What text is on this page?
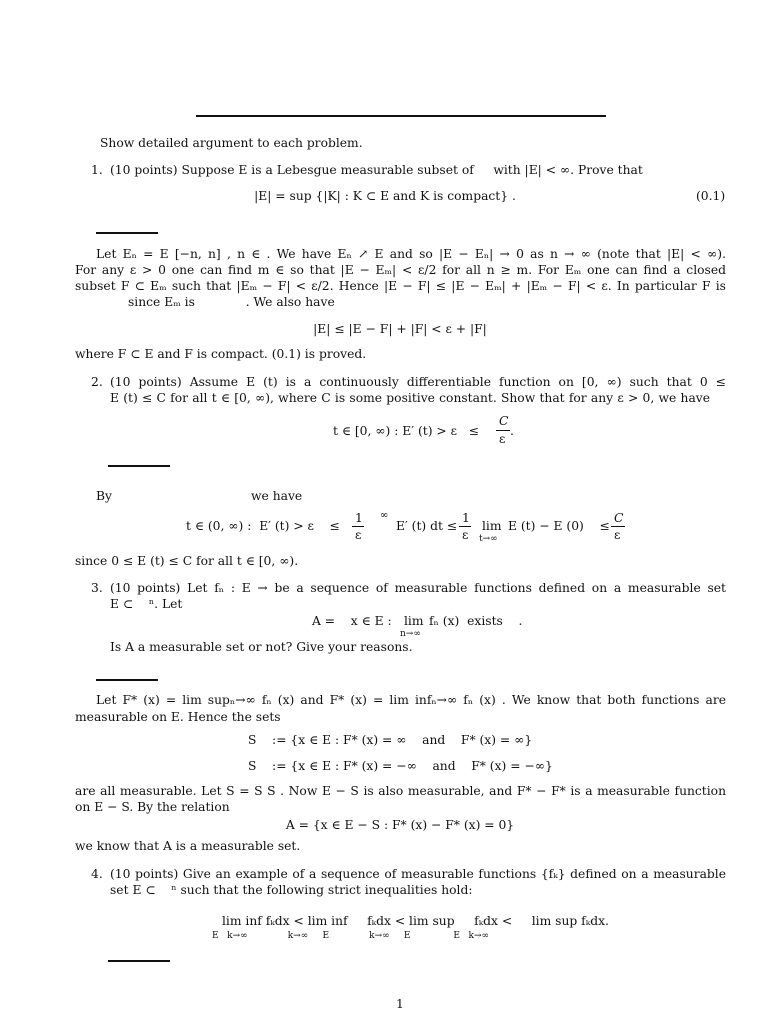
Show detailed argument to each problem.
1. (10 points) Suppose E is a Lebesgue measurable subset of     with |E| < ∞. Prove that
|E| = sup {|K| : K ⊂ E and K is compact} .	(0.1)
Let Eₙ = E [−n, n] , n ∈ . We have Eₙ ↗ E and so |E − Eₙ| → 0 as n → ∞ (note that |E| < ∞).
For any ε > 0 one can find m ∈ so that |E − Eₘ| < ε/2 for all n ≥ m. For Eₘ one can find a closed
subset F ⊂ Eₘ such that |Eₘ − F| < ε/2. Hence |E − F| ≤ |E − Eₘ| + |Eₘ − F| < ε. In particular F is
since Eₘ is             . We also have
|E| ≤ |E − F| + |F| < ε + |F|
where F ⊂ E and F is compact. (0.1) is proved.
2. (10 points) Assume E (t) is a continuously differentiable function on [0, ∞) such that 0 ≤
E (t) ≤ C for all t ∈ [0, ∞), where C is some positive constant. Show that for any ε > 0, we have
t ∈ [0, ∞) : E′ (t) > ε   ≤
C
ε
.
By	we have
t ∈ (0, ∞) :  E′ (t) > ε    ≤
1
ε
∞
E′ (t) dt ≤
1
ε
lim
t→∞
E (t) − E (0)    ≤
C
ε
since 0 ≤ E (t) ≤ C for all t ∈ [0, ∞).
3. (10 points) Let fₙ : E → be a sequence of measurable functions defined on a measurable set
E ⊂    ⁿ. Let
A =    x ∈ E : lim
n→∞
fₙ (x)  exists    .
Is A a measurable set or not? Give your reasons.
Let F* (x) = lim supₙ→∞ fₙ (x) and F* (x) = lim infₙ→∞ fₙ (x) . We know that both functions are
measurable on E. Hence the sets
S    := {x ∈ E : F* (x) = ∞    and    F* (x) = ∞}
S    := {x ∈ E : F* (x) = −∞    and    F* (x) = −∞}
are all measurable. Let S = S S . Now E − S is also measurable, and F* − F* is a measurable function
on E − S. By the relation
A = {x ∈ E − S : F* (x) − F* (x) = 0}
we know that A is a measurable set.
4. (10 points) Give an example of a sequence of measurable functions {fₖ} defined on a measurable
set E ⊂    ⁿ such that the following strict inequalities hold:
lim inf fₖdx < lim inf     fₖdx < lim sup     fₖdx <     lim sup fₖdx.
E   k→∞              k→∞     E              k→∞     E               E   k→∞
1
